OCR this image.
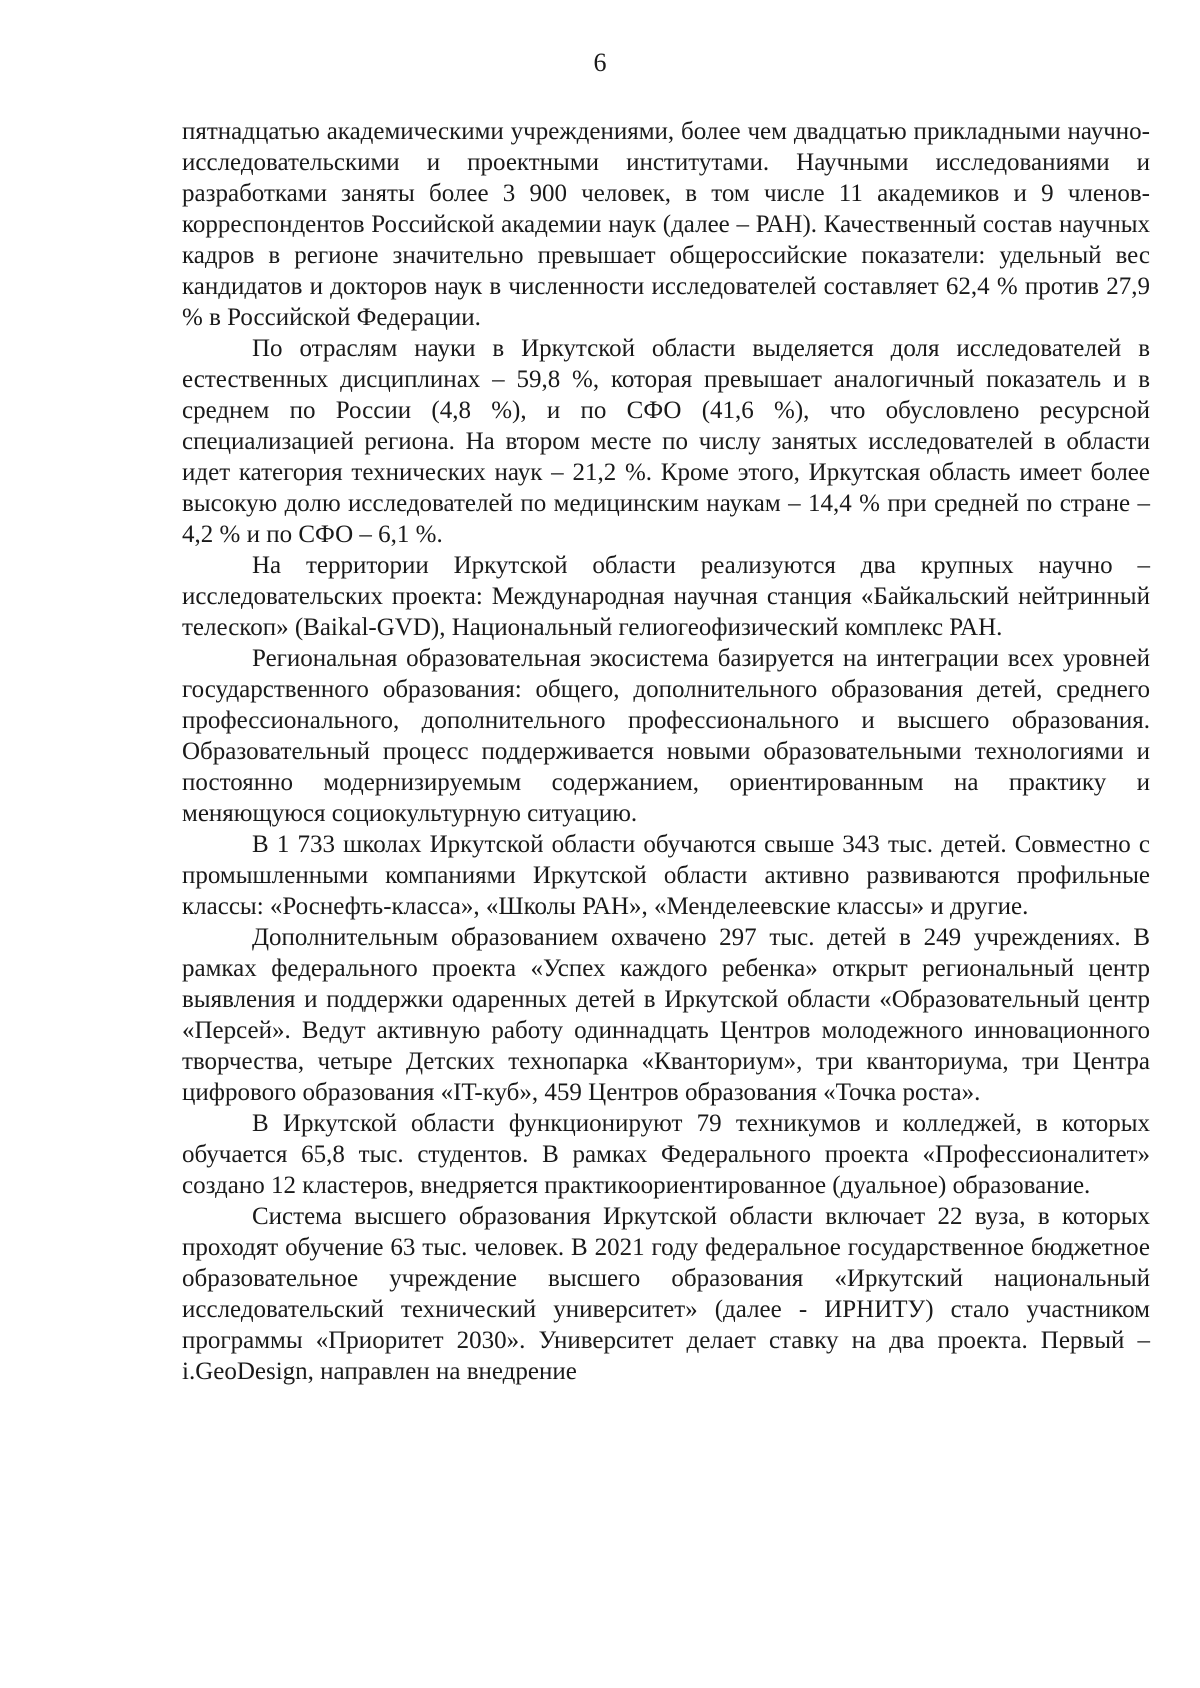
6

пятнадцатью академическими учреждениями, более чем двадцатью прикладными научно-исследовательскими и проектными институтами. Научными исследованиями и разработками заняты более 3 900 человек, в том числе 11 академиков и 9 членов-корреспондентов Российской академии наук (далее – РАН). Качественный состав научных кадров в регионе значительно превышает общероссийские показатели: удельный вес кандидатов и докторов наук в численности исследователей составляет 62,4 % против 27,9 % в Российской Федерации.

По отраслям науки в Иркутской области выделяется доля исследователей в естественных дисциплинах – 59,8 %, которая превышает аналогичный показатель и в среднем по России (4,8 %), и по СФО (41,6 %), что обусловлено ресурсной специализацией региона. На втором месте по числу занятых исследователей в области идет категория технических наук – 21,2 %. Кроме этого, Иркутская область имеет более высокую долю исследователей по медицинским наукам – 14,4 % при средней по стране – 4,2 % и по СФО – 6,1 %.

На территории Иркутской области реализуются два крупных научно – исследовательских проекта: Международная научная станция «Байкальский нейтринный телескоп» (Baikal-GVD), Национальный гелиогеофизический комплекс РАН.

Региональная образовательная экосистема базируется на интеграции всех уровней государственного образования: общего, дополнительного образования детей, среднего профессионального, дополнительного профессионального и высшего образования. Образовательный процесс поддерживается новыми образовательными технологиями и постоянно модернизируемым содержанием, ориентированным на практику и меняющуюся социокультурную ситуацию.

В 1 733 школах Иркутской области обучаются свыше 343 тыс. детей. Совместно с промышленными компаниями Иркутской области активно развиваются профильные классы: «Роснефть-класса», «Школы РАН», «Менделеевские классы» и другие.

Дополнительным образованием охвачено 297 тыс. детей в 249 учреждениях. В рамках федерального проекта «Успех каждого ребенка» открыт региональный центр выявления и поддержки одаренных детей в Иркутской области «Образовательный центр «Персей». Ведут активную работу одиннадцать Центров молодежного инновационного творчества, четыре Детских технопарка «Кванториум», три кванториума, три Центра цифрового образования «IT-куб», 459 Центров образования «Точка роста».

В Иркутской области функционируют 79 техникумов и колледжей, в которых обучается 65,8 тыс. студентов. В рамках Федерального проекта «Профессионалитет» создано 12 кластеров, внедряется практикоориентированное (дуальное) образование.

Система высшего образования Иркутской области включает 22 вуза, в которых проходят обучение 63 тыс. человек. В 2021 году федеральное государственное бюджетное образовательное учреждение высшего образования «Иркутский национальный исследовательский технический университет» (далее - ИРНИТУ) стало участником программы «Приоритет 2030». Университет делает ставку на два проекта. Первый – i.GeoDesign, направлен на внедрение
